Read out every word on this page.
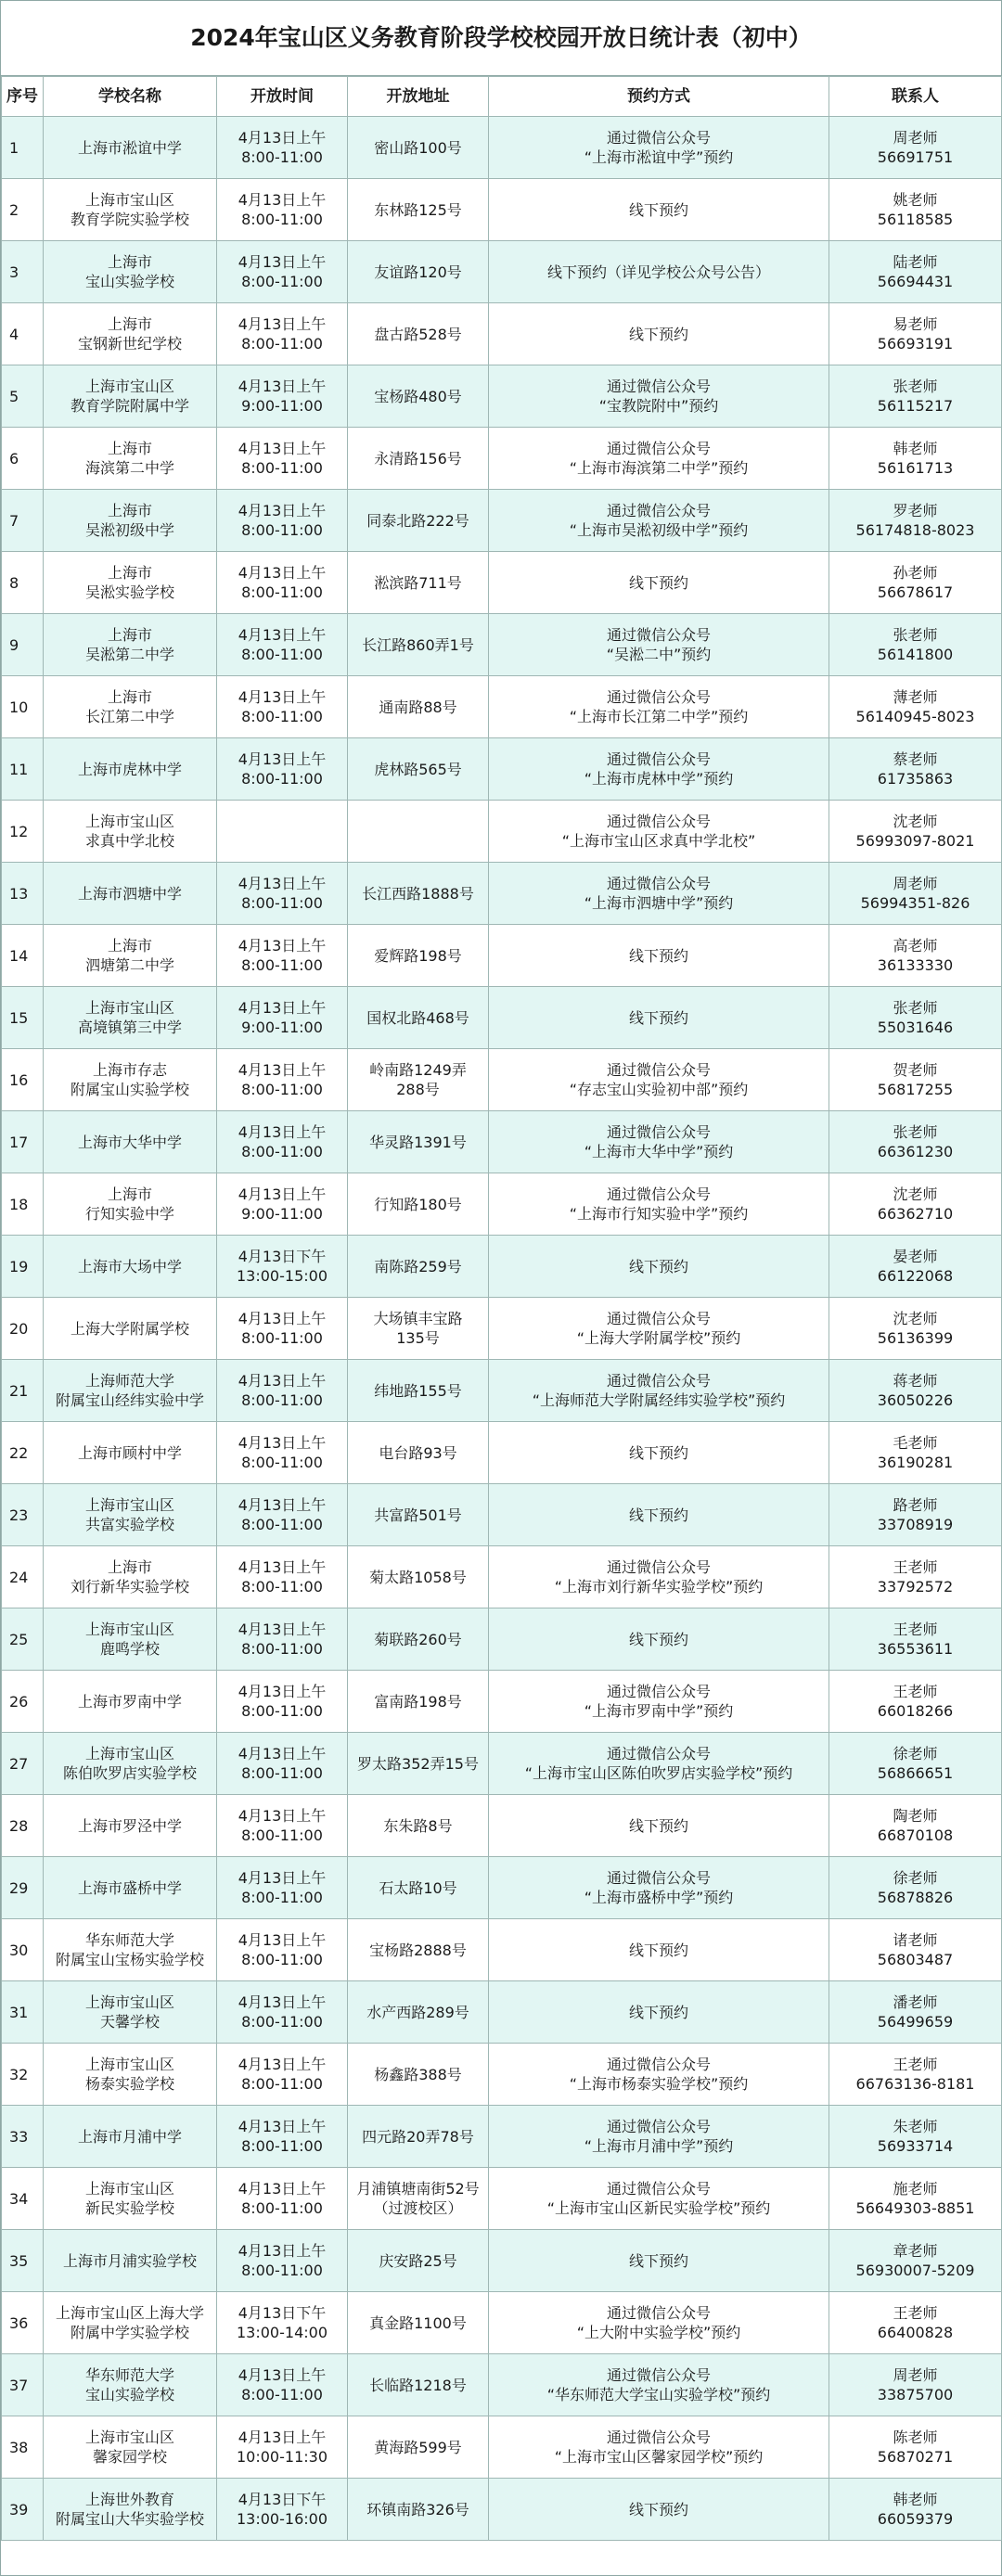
2024年宝山区义务教育阶段学校校园开放日统计表（初中）
序号	学校名称	开放时间	开放地址	预约方式	联系人
1	上海市淞谊中学	4月13日上午
8:00-11:00	密山路100号	通过微信公众号
“上海市淞谊中学”预约	周老师
56691751

2	上海市宝山区
教育学院实验学校	4月13日上午
8:00-11:00	东林路125号	线下预约	姚老师
56118585

3	上海市
宝山实验学校	4月13日上午
8:00-11:00	友谊路120号	线下预约（详见学校公众号公告）	陆老师
56694431

4	上海市
宝钢新世纪学校	4月13日上午
8:00-11:00	盘古路528号	线下预约	易老师
56693191

5	上海市宝山区
教育学院附属中学	4月13日上午
9:00-11:00	宝杨路480号	通过微信公众号
“宝教院附中”预约	张老师
56115217

6	上海市
海滨第二中学	4月13日上午
8:00-11:00	永清路156号	通过微信公众号
“上海市海滨第二中学”预约	韩老师
56161713

7	上海市
吴淞初级中学	4月13日上午
8:00-11:00	同泰北路222号	通过微信公众号
“上海市吴淞初级中学”预约	罗老师
56174818-8023

8	上海市
吴淞实验学校	4月13日上午
8:00-11:00	淞滨路711号	线下预约	孙老师
56678617

9	上海市
吴淞第二中学	4月13日上午
8:00-11:00	长江路860弄1号	通过微信公众号
“吴淞二中”预约	张老师
56141800

10	上海市
长江第二中学	4月13日上午
8:00-11:00	通南路88号	通过微信公众号
“上海市长江第二中学”预约	薄老师
56140945-8023

11	上海市虎林中学	4月13日上午
8:00-11:00	虎林路565号	通过微信公众号
“上海市虎林中学”预约	蔡老师
61735863

12	上海市宝山区
求真中学北校			通过微信公众号
“上海市宝山区求真中学北校”	沈老师
56993097-8021

13	上海市泗塘中学	4月13日上午
8:00-11:00	长江西路1888号	通过微信公众号
“上海市泗塘中学”预约	周老师
56994351-826

14	上海市
泗塘第二中学	4月13日上午
8:00-11:00	爱辉路198号	线下预约	高老师
36133330

15	上海市宝山区
高境镇第三中学	4月13日上午
9:00-11:00	国权北路468号	线下预约	张老师
55031646

16	上海市存志
附属宝山实验学校	4月13日上午
8:00-11:00	岭南路1249弄
288号	通过微信公众号
“存志宝山实验初中部”预约	贺老师
56817255

17	上海市大华中学	4月13日上午
8:00-11:00	华灵路1391号	通过微信公众号
“上海市大华中学”预约	张老师
66361230

18	上海市
行知实验中学	4月13日上午
9:00-11:00	行知路180号	通过微信公众号
“上海市行知实验中学”预约	沈老师
66362710

19	上海市大场中学	4月13日下午
13:00-15:00	南陈路259号	线下预约	晏老师
66122068

20	上海大学附属学校	4月13日上午
8:00-11:00	大场镇丰宝路
135号	通过微信公众号
“上海大学附属学校”预约	沈老师
56136399

21	上海师范大学
附属宝山经纬实验中学	4月13日上午
8:00-11:00	纬地路155号	通过微信公众号
“上海师范大学附属经纬实验学校”预约	蒋老师
36050226

22	上海市顾村中学	4月13日上午
8:00-11:00	电台路93号	线下预约	毛老师
36190281

23	上海市宝山区
共富实验学校	4月13日上午
8:00-11:00	共富路501号	线下预约	路老师
33708919

24	上海市
刘行新华实验学校	4月13日上午
8:00-11:00	菊太路1058号	通过微信公众号
“上海市刘行新华实验学校”预约	王老师
33792572

25	上海市宝山区
鹿鸣学校	4月13日上午
8:00-11:00	菊联路260号	线下预约	王老师
36553611

26	上海市罗南中学	4月13日上午
8:00-11:00	富南路198号	通过微信公众号
“上海市罗南中学”预约	王老师
66018266

27	上海市宝山区
陈伯吹罗店实验学校	4月13日上午
8:00-11:00	罗太路352弄15号	通过微信公众号
“上海市宝山区陈伯吹罗店实验学校”预约	徐老师
56866651

28	上海市罗泾中学	4月13日上午
8:00-11:00	东朱路8号	线下预约	陶老师
66870108

29	上海市盛桥中学	4月13日上午
8:00-11:00	石太路10号	通过微信公众号
“上海市盛桥中学”预约	徐老师
56878826

30	华东师范大学
附属宝山宝杨实验学校	4月13日上午
8:00-11:00	宝杨路2888号	线下预约	诸老师
56803487

31	上海市宝山区
天馨学校	4月13日上午
8:00-11:00	水产西路289号	线下预约	潘老师
56499659

32	上海市宝山区
杨泰实验学校	4月13日上午
8:00-11:00	杨鑫路388号	通过微信公众号
“上海市杨泰实验学校”预约	王老师
66763136-8181

33	上海市月浦中学	4月13日上午
8:00-11:00	四元路20弄78号	通过微信公众号
“上海市月浦中学”预约	朱老师
56933714

34	上海市宝山区
新民实验学校	4月13日上午
8:00-11:00	月浦镇塘南街52号
（过渡校区）	通过微信公众号
“上海市宝山区新民实验学校”预约	施老师
56649303-8851

35	上海市月浦实验学校	4月13日上午
8:00-11:00	庆安路25号	线下预约	章老师
56930007-5209

36	上海市宝山区上海大学
附属中学实验学校	4月13日下午
13:00-14:00	真金路1100号	通过微信公众号
“上大附中实验学校”预约	王老师
66400828

37	华东师范大学
宝山实验学校	4月13日上午
8:00-11:00	长临路1218号	通过微信公众号
“华东师范大学宝山实验学校”预约	周老师
33875700

38	上海市宝山区
馨家园学校	4月13日上午
10:00-11:30	黄海路599号	通过微信公众号
“上海市宝山区馨家园学校”预约	陈老师
56870271

39	上海世外教育
附属宝山大华实验学校	4月13日下午
13:00-16:00	环镇南路326号	线下预约	韩老师
66059379
